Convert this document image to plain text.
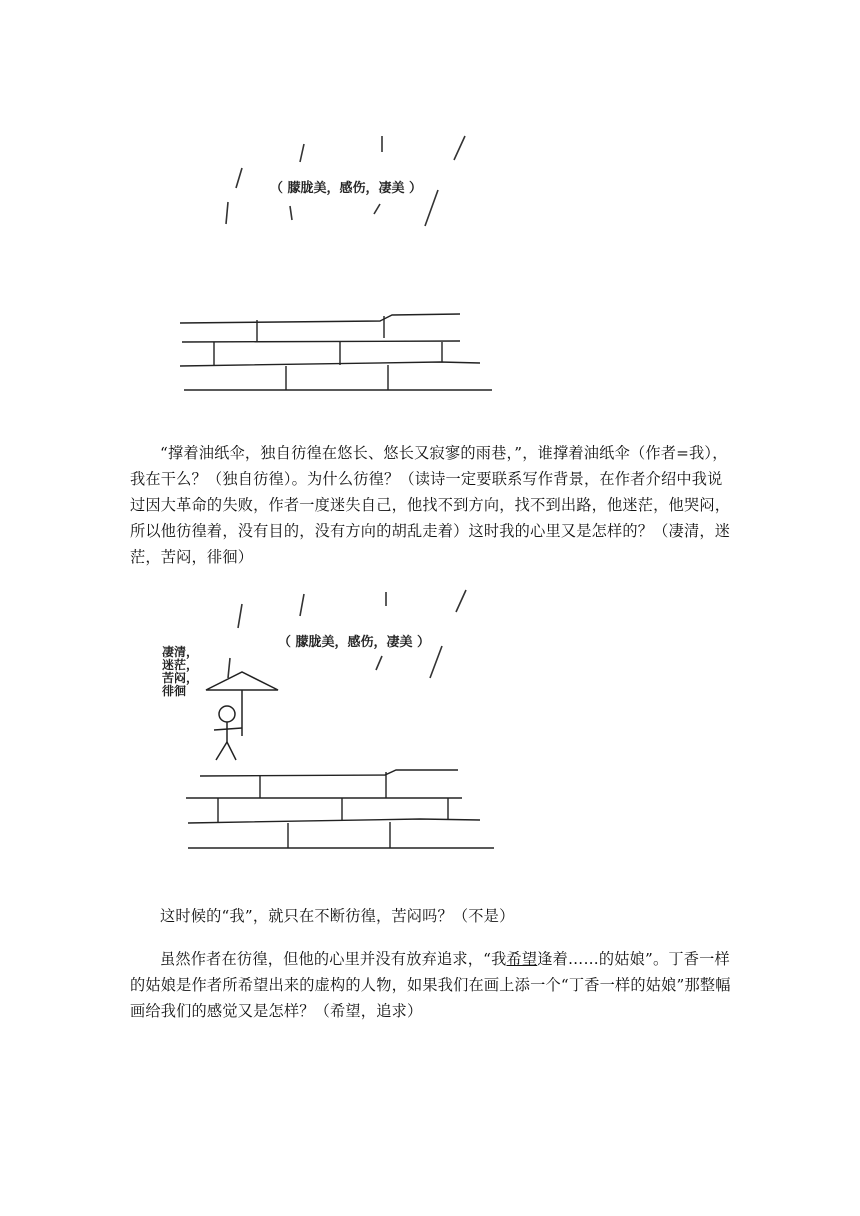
（ 朦胧美，感伤，凄美 ）

“撑着油纸伞，独自彷徨在悠长、悠长又寂寥的雨巷，”，谁撑着油纸伞（作者=我），我在干么？（独自彷徨）。为什么彷徨？（读诗一定要联系写作背景，在作者介绍中我说过因大革命的失败，作者一度迷失自己，他找不到方向，找不到出路，他迷茫，他哭闷，所以他彷徨着，没有目的，没有方向的胡乱走着）这时我的心里又是怎样的？（凄清，迷茫，苦闷，徘徊）

（ 朦胧美，感伤，凄美 ）
凄清，
迷茫，
苦闷，
徘徊

这时候的“我”，就只在不断彷徨，苦闷吗？（不是）

虽然作者在彷徨，但他的心里并没有放弃追求，“我希望逢着……的姑娘”。丁香一样的姑娘是作者所希望出来的虚构的人物，如果我们在画上添一个“丁香一样的姑娘”那整幅画给我们的感觉又是怎样？（希望，追求）
